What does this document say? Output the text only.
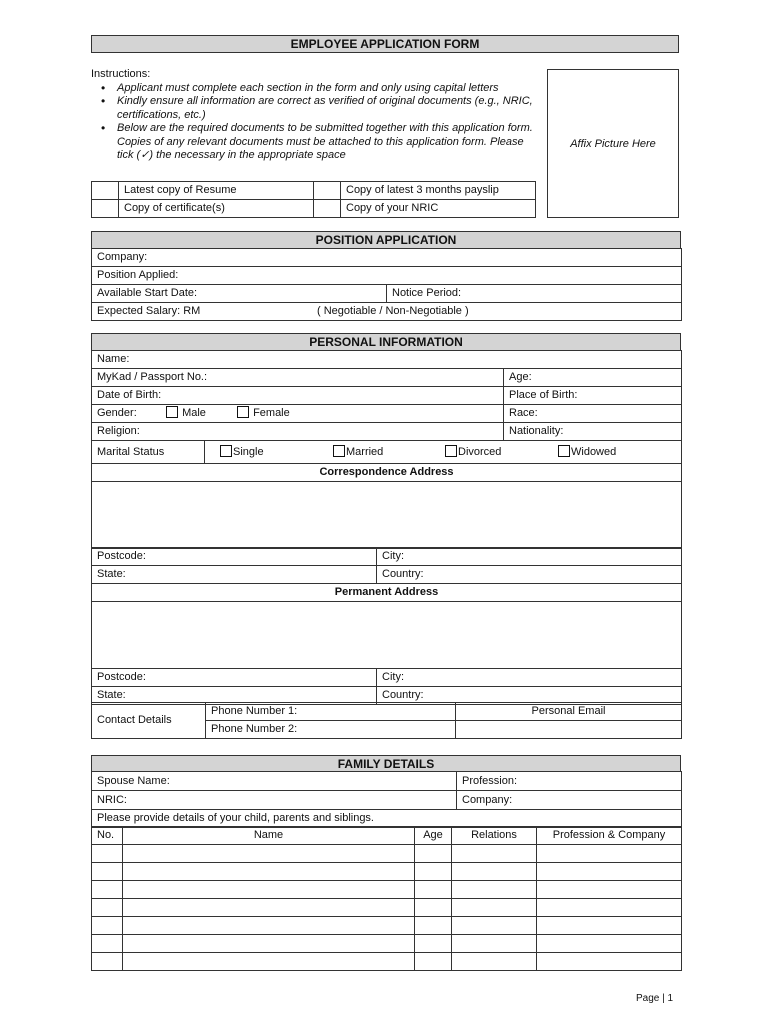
EMPLOYEE APPLICATION FORM
Instructions:
• Applicant must complete each section in the form and only using capital letters
• Kindly ensure all information are correct as verified of original documents (e.g., NRIC, certifications, etc.)
• Below are the required documents to be submitted together with this application form. Copies of any relevant documents must be attached to this application form. Please tick (✓) the necessary in the appropriate space
Affix Picture Here
	Latest copy of Resume		Copy of latest 3 months payslip
	Copy of certificate(s)		Copy of your NRIC
POSITION APPLICATION
Company:
Position Applied:
Available Start Date:	Notice Period:
Expected Salary: RM	( Negotiable / Non-Negotiable )
PERSONAL INFORMATION
Name:		
MyKad / Passport No.:		Age:
Date of Birth:		Place of Birth:
Gender: Male Female		Race:
Religion:		Nationality:
Marital Status	Single Married Divorced Widowed	

Correspondence Address		

Postcode:	City:
State:	Country:
Permanent Address	

Postcode:	City:
State:	Country:
Contact Details	Phone Number 1:	Personal Email
	Phone Number 2:	
FAMILY DETAILS
Spouse Name:	Profession:
NRIC:	Company:
Please provide details of your child, parents and siblings.	
No.	Name	Age	Relations	Profession & Company

Page | 1
